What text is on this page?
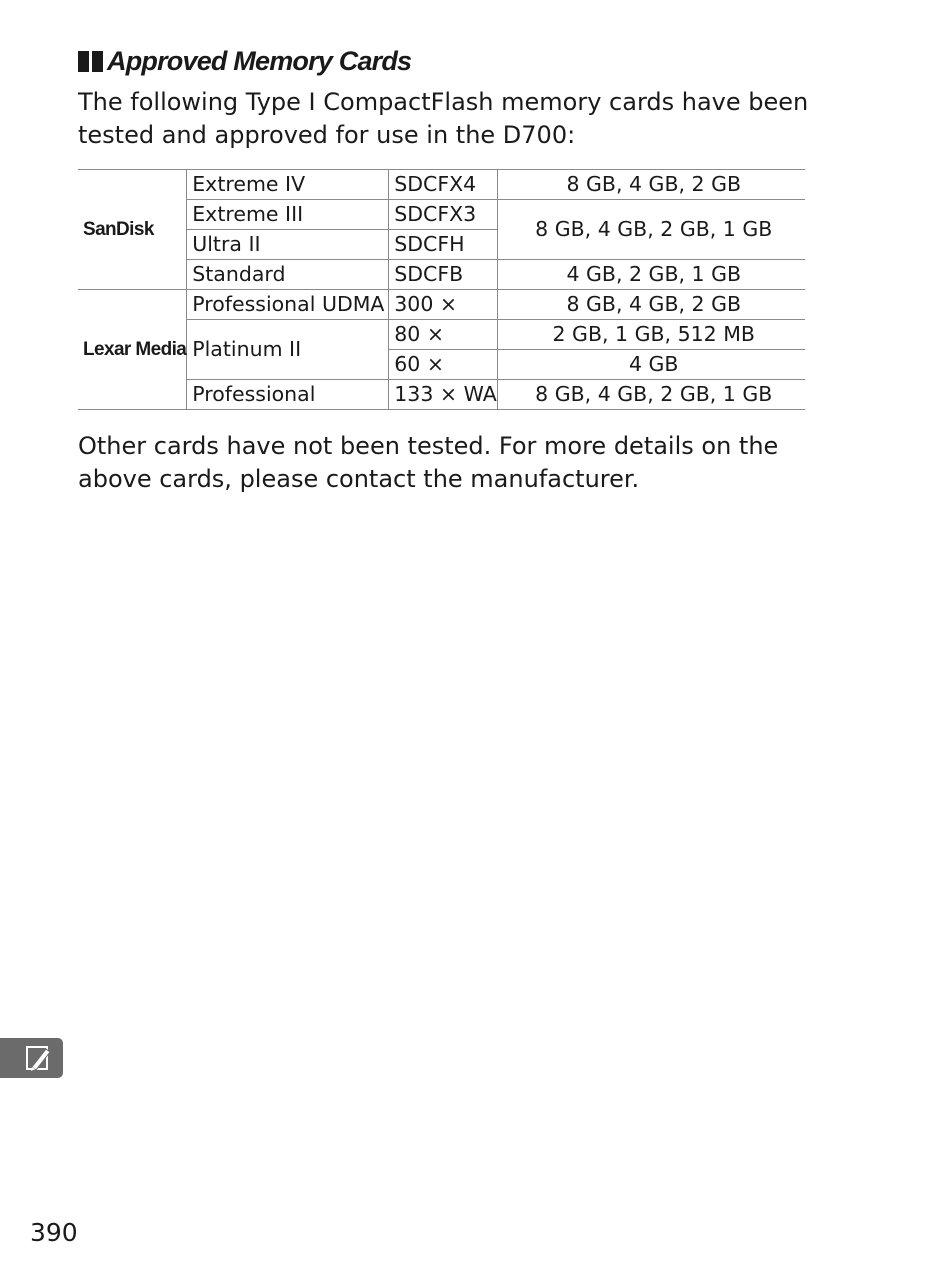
Approved Memory Cards
The following Type I CompactFlash memory cards have been tested and approved for use in the D700:
SanDisk	Extreme IV	SDCFX4	8 GB, 4 GB, 2 GB
	Extreme III	SDCFX3	8 GB, 4 GB, 2 GB, 1 GB
	Ultra II	SDCFH	
	Standard	SDCFB	4 GB, 2 GB, 1 GB
Lexar Media	Professional UDMA	300 ×	8 GB, 4 GB, 2 GB
	Platinum II	80 ×	2 GB, 1 GB, 512 MB
		60 ×	4 GB
	Professional	133 × WA	8 GB, 4 GB, 2 GB, 1 GB
Other cards have not been tested. For more details on the above cards, please contact the manufacturer.
390
